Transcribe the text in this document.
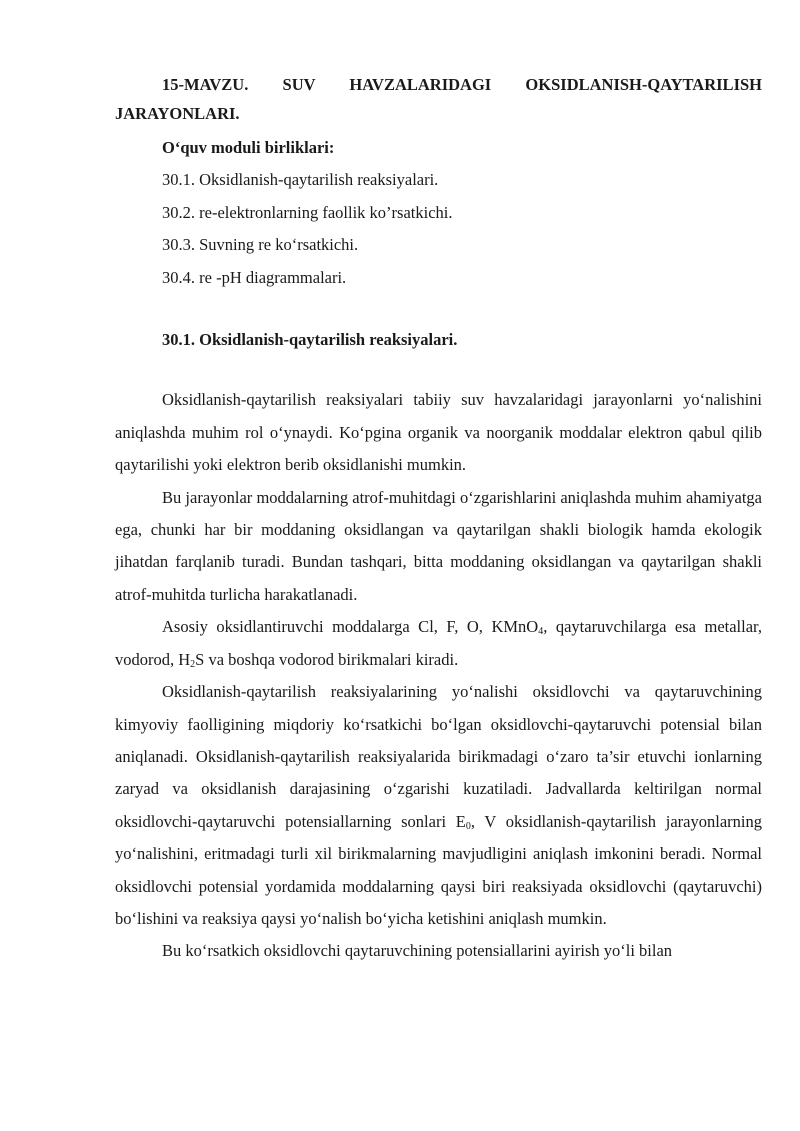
15-MAVZU. SUV HAVZALARIDAGI OKSIDLANISH-QAYTARILISH JARAYONLARI.

O‘quv moduli birliklari:

30.1. Oksidlanish-qaytarilish reaksiyalari.

30.2. re-elektronlarning faollik ko’rsatkichi.

30.3. Suvning re ko‘rsatkichi.

30.4. re -pH diagrammalari.

30.1. Oksidlanish-qaytarilish reaksiyalari.

Oksidlanish-qaytarilish reaksiyalari tabiiy suv havzalaridagi jarayonlarni yo‘nalishini aniqlashda muhim rol o‘ynaydi. Ko‘pgina organik va noorganik moddalar elektron qabul qilib qaytarilishi yoki elektron berib oksidlanishi mumkin.

Bu jarayonlar moddalarning atrof-muhitdagi o‘zgarishlarini aniqlashda muhim ahamiyatga ega, chunki har bir moddaning oksidlangan va qaytarilgan shakli biologik hamda ekologik jihatdan farqlanib turadi. Bundan tashqari, bitta moddaning oksidlangan va qaytarilgan shakli atrof-muhitda turlicha harakatlanadi.

Asosiy oksidlantiruvchi moddalarga Cl, F, O, KMnO$_4$, qaytaruvchilarga esa metallar, vodorod, $H_2S$ va boshqa vodorod birikmalari kiradi.

Oksidlanish-qaytarilish reaksiyalarining yo‘nalishi oksidlovchi va qaytaruvchining kimyoviy faolligining miqdoriy ko‘rsatkichi bo‘lgan oksidlovchi-qaytaruvchi potensial bilan aniqlanadi. Oksidlanish-qaytarilish reaksiyalarida birikmadagi o‘zaro ta’sir etuvchi ionlarning zaryad va oksidlanish darajasining o‘zgarishi kuzatiladi. Jadvallarda keltirilgan normal oksidlovchi-qaytaruvchi potensiallarning sonlari $E_0$, V oksidlanish-qaytarilish jarayonlarning yo‘nalishini, eritmadagi turli xil birikmalarning mavjudligini aniqlash imkonini beradi. Normal oksidlovchi potensial yordamida moddalarning qaysi biri reaksiyada oksidlovchi (qaytaruvchi) bo‘lishini va reaksiya qaysi yo‘nalish bo‘yicha ketishini aniqlash mumkin.

Bu ko‘rsatkich oksidlovchi qaytaruvchining potensiallarini ayirish yo‘li bilan
